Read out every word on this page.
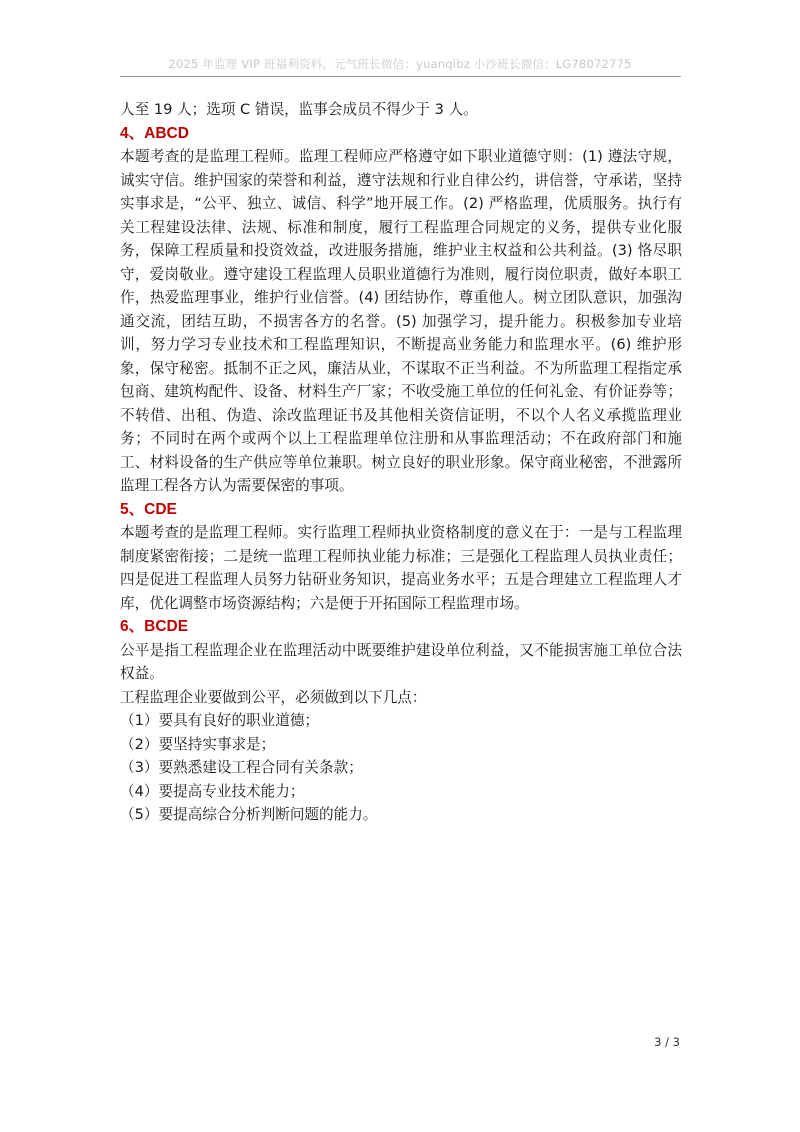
2025 年监理 VIP 班福利资料，元气班长微信：yuanqibz 小沙班长微信：LG78072775

人至 19 人；选项 C 错误，监事会成员不得少于 3 人。

4、ABCD

本题考查的是监理工程师。监理工程师应严格遵守如下职业道德守则：(1) 遵法守规，诚实守信。维护国家的荣誉和利益，遵守法规和行业自律公约，讲信誉，守承诺，坚持实事求是，“公平、独立、诚信、科学”地开展工作。(2) 严格监理，优质服务。执行有关工程建设法律、法规、标准和制度，履行工程监理合同规定的义务，提供专业化服务，保障工程质量和投资效益，改进服务措施，维护业主权益和公共利益。(3) 恪尽职守，爱岗敬业。遵守建设工程监理人员职业道德行为准则，履行岗位职责，做好本职工作，热爱监理事业，维护行业信誉。(4) 团结协作，尊重他人。树立团队意识，加强沟通交流，团结互助，不损害各方的名誉。(5) 加强学习，提升能力。积极参加专业培训，努力学习专业技术和工程监理知识，不断提高业务能力和监理水平。(6) 维护形象，保守秘密。抵制不正之风，廉洁从业，不谋取不正当利益。不为所监理工程指定承包商、建筑构配件、设备、材料生产厂家；不收受施工单位的任何礼金、有价证券等；不转借、出租、伪造、涂改监理证书及其他相关资信证明，不以个人名义承揽监理业务；不同时在两个或两个以上工程监理单位注册和从事监理活动；不在政府部门和施工、材料设备的生产供应等单位兼职。树立良好的职业形象。保守商业秘密，不泄露所监理工程各方认为需要保密的事项。

5、CDE

本题考查的是监理工程师。实行监理工程师执业资格制度的意义在于：一是与工程监理制度紧密衔接；二是统一监理工程师执业能力标准；三是强化工程监理人员执业责任；四是促进工程监理人员努力钻研业务知识，提高业务水平；五是合理建立工程监理人才库，优化调整市场资源结构；六是便于开拓国际工程监理市场。

6、BCDE

公平是指工程监理企业在监理活动中既要维护建设单位利益，又不能损害施工单位合法权益。

工程监理企业要做到公平，必须做到以下几点：

（1）要具有良好的职业道德；

（2）要坚持实事求是；

（3）要熟悉建设工程合同有关条款；

（4）要提高专业技术能力；

（5）要提高综合分析判断问题的能力。

3 / 3
